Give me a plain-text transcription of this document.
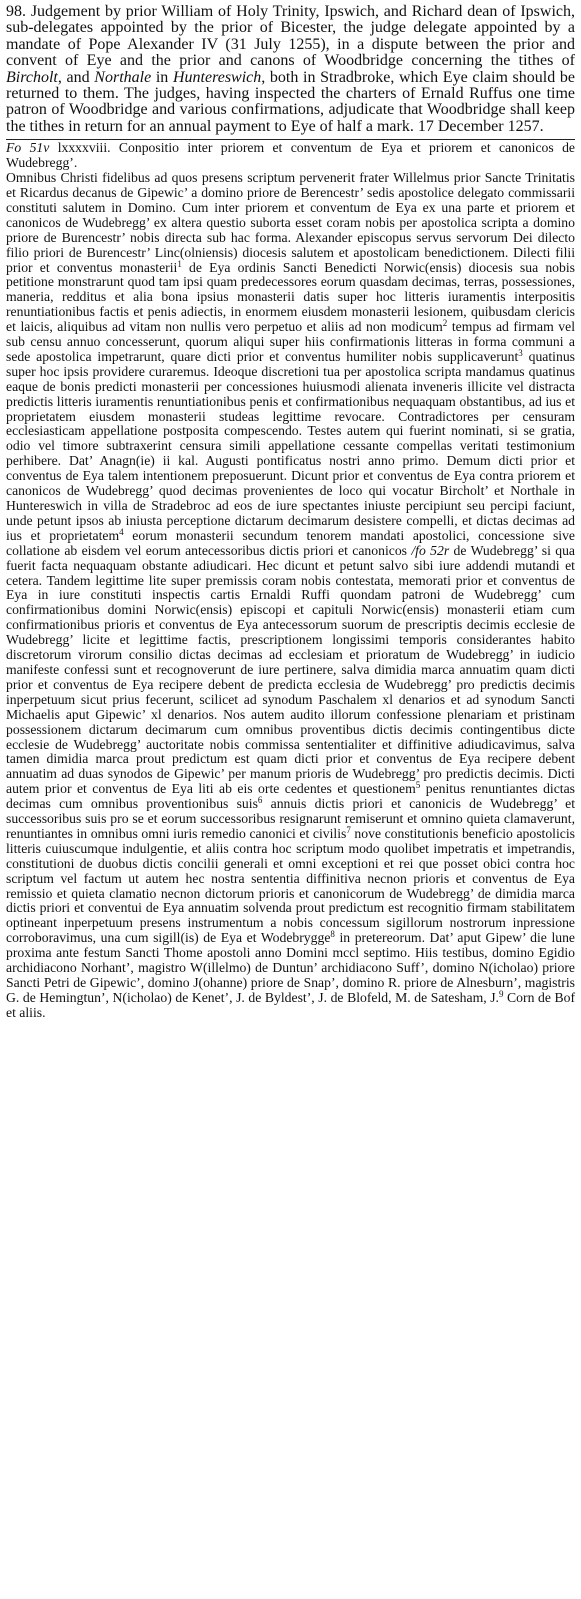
98. Judgement by prior William of Holy Trinity, Ipswich, and Richard dean of Ipswich, sub-delegates appointed by the prior of Bicester, the judge delegate appointed by a mandate of Pope Alexander IV (31 July 1255), in a dispute between the prior and convent of Eye and the prior and canons of Woodbridge concerning the tithes of Bircholt, and Northale in Huntereswich, both in Stradbroke, which Eye claim should be returned to them. The judges, having inspected the charters of Ernald Ruffus one time patron of Woodbridge and various confirmations, adjudicate that Woodbridge shall keep the tithes in return for an annual payment to Eye of half a mark. 17 December 1257.

Fo 51v lxxxxviii. Conpositio inter priorem et conventum de Eya et priorem et canonicos de Wudebregg’.

Omnibus Christi fidelibus ad quos presens scriptum pervenerit frater Willelmus prior Sancte Trinitatis et Ricardus decanus de Gipewic’ a domino priore de Berencestr’ sedis apostolice delegato commissarii constituti salutem in Domino. Cum inter priorem et conventum de Eya ex una parte et priorem et canonicos de Wudebregg’ ex altera questio suborta esset coram nobis per apostolica scripta a domino priore de Burencestr’ nobis directa sub hac forma. Alexander episcopus servus servorum Dei dilecto filio priori de Burencestr’ Linc(olniensis) diocesis salutem et apostolicam benedictionem. Dilecti filii prior et conventus monasterii$^1$ de Eya ordinis Sancti Benedicti Norwic(ensis) diocesis sua nobis petitione monstrarunt quod tam ipsi quam predecessores eorum quasdam decimas, terras, possessiones, maneria, redditus et alia bona ipsius monasterii datis super hoc litteris iuramentis interpositis renuntiationibus factis et penis adiectis, in enormem eiusdem monasterii lesionem, quibusdam clericis et laicis, aliquibus ad vitam non nullis vero perpetuo et aliis ad non modicum$^2$ tempus ad firmam vel sub censu annuo concesserunt, quorum aliqui super hiis confirmationis litteras in forma communi a sede apostolica impetrarunt, quare dicti prior et conventus humiliter nobis supplicaverunt$^3$ quatinus super hoc ipsis providere curaremus. Ideoque discretioni tua per apostolica scripta mandamus quatinus eaque de bonis predicti monasterii per concessiones huiusmodi alienata inveneris illicite vel distracta predictis litteris iuramentis renuntiationibus penis et confirmationibus nequaquam obstantibus, ad ius et proprietatem eiusdem monasterii studeas legittime revocare. Contradictores per censuram ecclesiasticam appellatione postposita compescendo. Testes autem qui fuerint nominati, si se gratia, odio vel timore subtraxerint censura simili appellatione cessante compellas veritati testimonium perhibere. Dat’ Anagn(ie) ii kal. Augusti pontificatus nostri anno primo. Demum dicti prior et conventus de Eya talem intentionem preposuerunt. Dicunt prior et conventus de Eya contra priorem et canonicos de Wudebregg’ quod decimas provenientes de loco qui vocatur Bircholt’ et Northale in Huntereswich in villa de Stradebroc ad eos de iure spectantes iniuste percipiunt seu percipi faciunt, unde petunt ipsos ab iniusta perceptione dictarum decimarum desistere compelli, et dictas decimas ad ius et proprietatem$^4$ eorum monasterii secundum tenorem mandati apostolici, concessione sive collatione ab eisdem vel eorum antecessoribus dictis priori et canonicos /fo 52r de Wudebregg’ si qua fuerit facta nequaquam obstante adiudicari. Hec dicunt et petunt salvo sibi iure addendi mutandi et cetera. Tandem legittime lite super premissis coram nobis contestata, memorati prior et conventus de Eya in iure constituti inspectis cartis Ernaldi Ruffi quondam patroni de Wudebregg’ cum confirmationibus domini Norwic(ensis) episcopi et capituli Norwic(ensis) monasterii etiam cum confirmationibus prioris et conventus de Eya antecessorum suorum de prescriptis decimis ecclesie de Wudebregg’ licite et legittime factis, prescriptionem longissimi temporis considerantes habito discretorum virorum consilio dictas decimas ad ecclesiam et prioratum de Wudebregg’ in iudicio manifeste confessi sunt et recognoverunt de iure pertinere, salva dimidia marca annuatim quam dicti prior et conventus de Eya recipere debent de predicta ecclesia de Wudebregg’ pro predictis decimis inperpetuum sicut prius fecerunt, scilicet ad synodum Paschalem xl denarios et ad synodum Sancti Michaelis aput Gipewic’ xl denarios. Nos autem audito illorum confessione plenariam et pristinam possessionem dictarum decimarum cum omnibus proventibus dictis decimis contingentibus dicte ecclesie de Wudebregg’ auctoritate nobis commissa sententialiter et diffinitive adiudicavimus, salva tamen dimidia marca prout predictum est quam dicti prior et conventus de Eya recipere debent annuatim ad duas synodos de Gipewic’ per manum prioris de Wudebregg’ pro predictis decimis. Dicti autem prior et conventus de Eya liti ab eis orte cedentes et questionem$^5$ penitus renuntiantes dictas decimas cum omnibus proventionibus suis$^6$ annuis dictis priori et canonicis de Wudebregg’ et successoribus suis pro se et eorum successoribus resignarunt remiserunt et omnino quieta clamaverunt, renuntiantes in omnibus omni iuris remedio canonici et civilis$^7$ nove constitutionis beneficio apostolicis litteris cuiuscumque indulgentie, et aliis contra hoc scriptum modo quolibet impetratis et impetrandis, constitutioni de duobus dictis concilii generali et omni exceptioni et rei que posset obici contra hoc scriptum vel factum ut autem hec nostra sententia diffinitiva necnon prioris et conventus de Eya remissio et quieta clamatio necnon dictorum prioris et canonicorum de Wudebregg’ de dimidia marca dictis priori et conventui de Eya annuatim solvenda prout predictum est recognitio firmam stabilitatem optineant inperpetuum presens instrumentum a nobis concessum sigillorum nostrorum inpressione corroboravimus, una cum sigill(is) de Eya et Wodebrygge$^8$ in pretereorum. Dat’ aput Gipew’ die lune proxima ante festum Sancti Thome apostoli anno Domini mccl septimo. Hiis testibus, domino Egidio archidiacono Norhant’, magistro W(illelmo) de Duntun’ archidiacono Suff’, domino N(icholao) priore Sancti Petri de Gipewic’, domino J(ohanne) priore de Snap’, domino R. priore de Alnesburn’, magistris G. de Hemingtun’, N(icholao) de Kenet’, J. de Byldest’, J. de Blofeld, M. de Satesham, J.$^9$ Corn de Bof et aliis.
